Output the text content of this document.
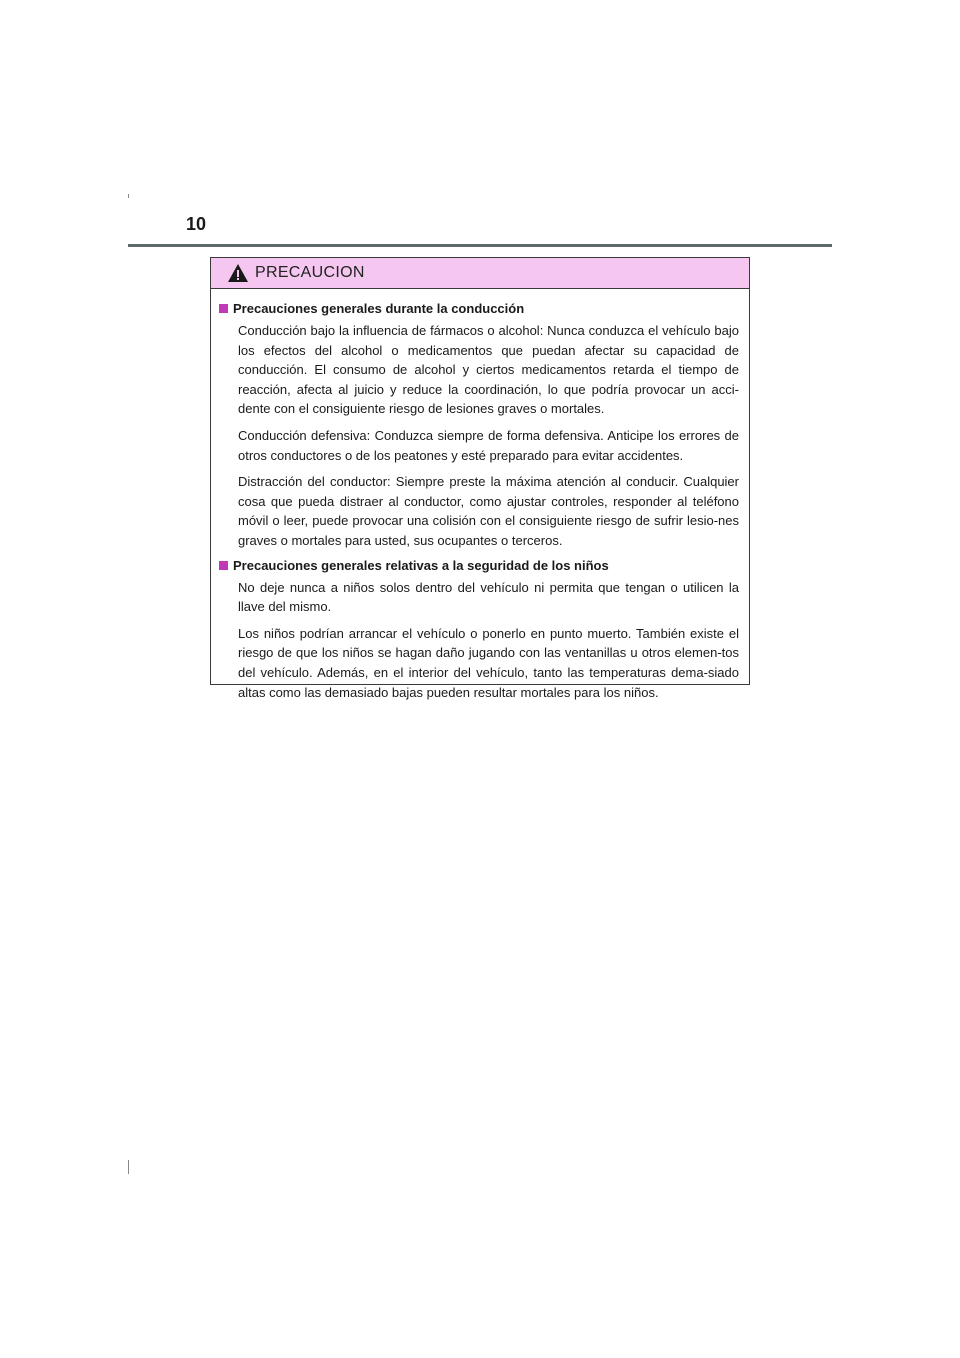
10
PRECAUCION
Precauciones generales durante la conducción

Conducción bajo la influencia de fármacos o alcohol: Nunca conduzca el vehículo bajo los efectos del alcohol o medicamentos que puedan afectar su capacidad de conducción. El consumo de alcohol y ciertos medicamentos retarda el tiempo de reacción, afecta al juicio y reduce la coordinación, lo que podría provocar un acci-dente con el consiguiente riesgo de lesiones graves o mortales.

Conducción defensiva: Conduzca siempre de forma defensiva. Anticipe los errores de otros conductores o de los peatones y esté preparado para evitar accidentes.

Distracción del conductor: Siempre preste la máxima atención al conducir. Cualquier cosa que pueda distraer al conductor, como ajustar controles, responder al teléfono móvil o leer, puede provocar una colisión con el consiguiente riesgo de sufrir lesio-nes graves o mortales para usted, sus ocupantes o terceros.

Precauciones generales relativas a la seguridad de los niños

No deje nunca a niños solos dentro del vehículo ni permita que tengan o utilicen la llave del mismo.

Los niños podrían arrancar el vehículo o ponerlo en punto muerto. También existe el riesgo de que los niños se hagan daño jugando con las ventanillas u otros elemen-tos del vehículo. Además, en el interior del vehículo, tanto las temperaturas dema-siado altas como las demasiado bajas pueden resultar mortales para los niños.
